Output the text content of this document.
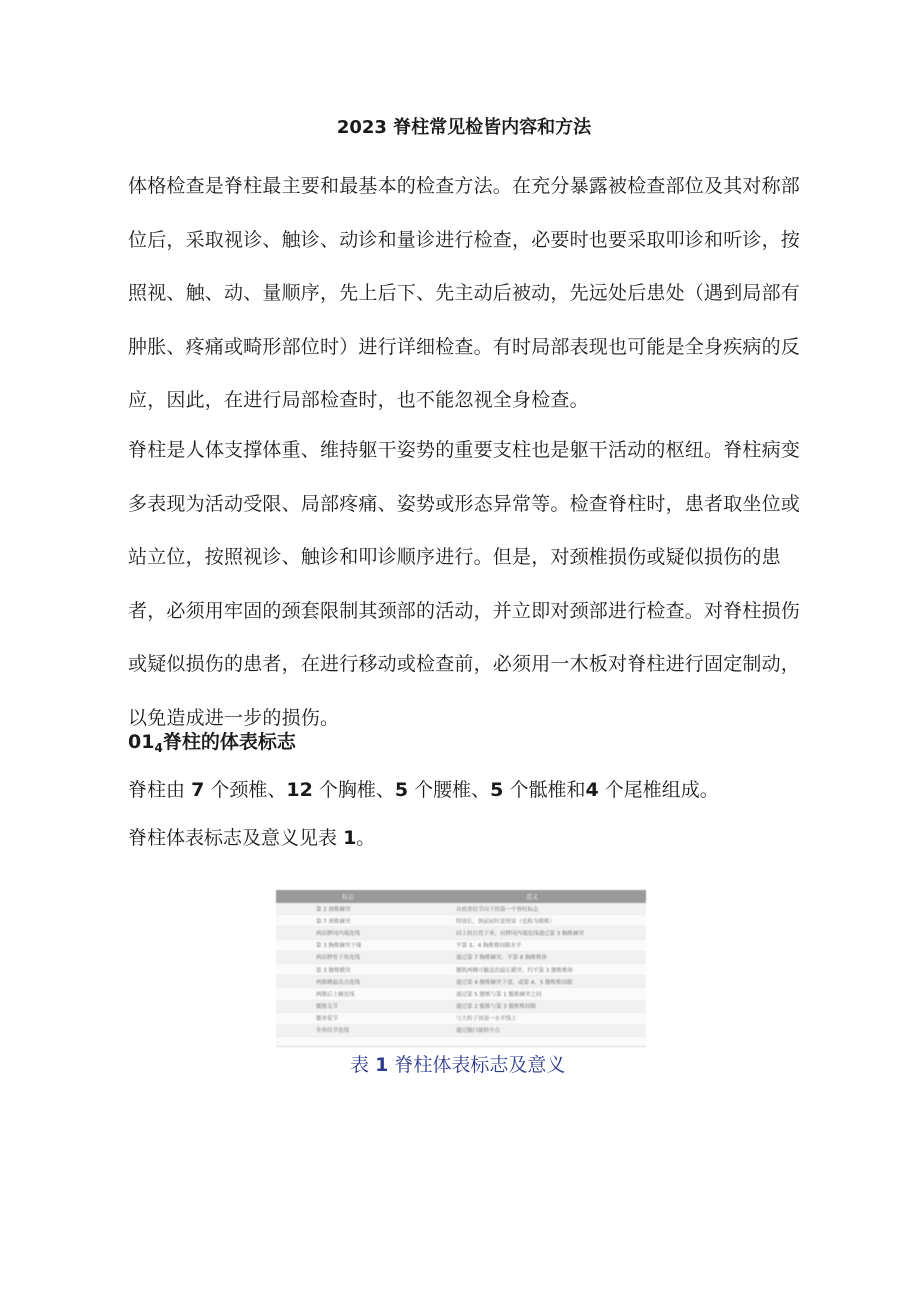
2023 脊柱常见检皆内容和方法

体格检查是脊柱最主要和最基本的检查方法。在充分暴露被检查部位及其对称部位后，采取视诊、触诊、动诊和量诊进行检查，必要时也要采取叩诊和听诊，按照视、触、动、量顺序，先上后下、先主动后被动，先远处后患处（遇到局部有肿胀、疼痛或畸形部位时）进行详细检查。有时局部表现也可能是全身疾病的反应，因此，在进行局部检查时，也不能忽视全身检查。

脊柱是人体支撑体重、维持躯干姿势的重要支柱也是躯干活动的枢纽。脊柱病变多表现为活动受限、局部疼痛、姿势或形态异常等。检查脊柱时，患者取坐位或站立位，按照视诊、触诊和叩诊顺序进行。但是，对颈椎损伤或疑似损伤的患者，必须用牢固的颈套限制其颈部的活动，并立即对颈部进行检查。对脊柱损伤或疑似损伤的患者，在进行移动或检查前，必须用一木板对脊柱进行固定制动，以免造成进一步的损伤。

$01_4$脊柱的体表标志
脊柱由 7 个颈椎、12 个胸椎、5 个腰椎、5 个骶椎和4 个尾椎组成。
脊柱体表标志及意义见表 1。
标志	意义
第 2 颈椎棘突	从枕骨结节向下的第一个脊柱标志
第 7 颈椎棘突	特别长，颈前屈时更明显（也称为隆椎）
两肩胛冈内端连线	同上较自然下垂，肩胛冈内端连线通过第 3 胸椎棘突
第 3 胸椎棘突下缘	平第 3、4 胸椎椎间隙水平
两肩胛骨下角连线	通过第 7 胸椎棘突，平第 8 胸椎椎体
第 3 腰椎横突	腰肌两侧可触及的最长横突，约平第 3 腰椎椎体
两髂嵴最高点连线	通过第 4 腰椎棘突下部，或第 4、5 腰椎椎间隙
两髂后上棘连线	通过第 5 腰椎与第 1 骶椎棘突之间
骶髂关节	通过第 2 骶椎与第 3 骶椎椎间隙
骶骨裂节	与大转子顶部一水平线上
坐骨结节连线	通过髋臼旋转中点
表 1 脊柱体表标志及意义
